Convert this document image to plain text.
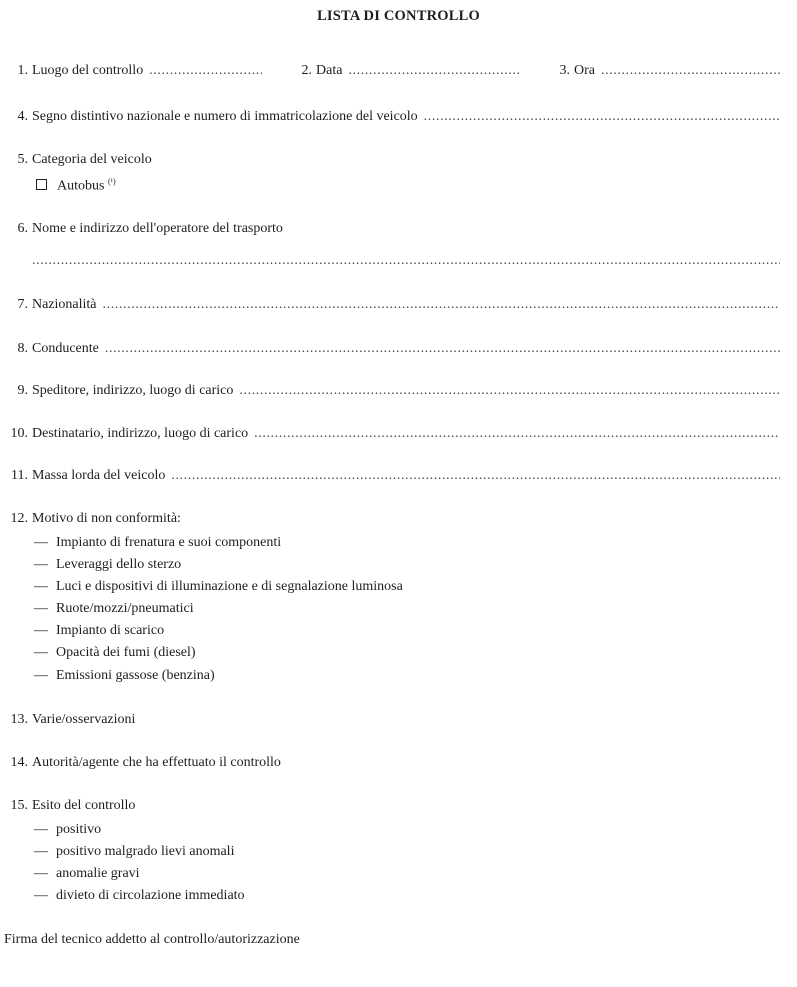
LISTA DI CONTROLLO
1. Luogo del controllo .....	2. Data .....	3. Ora
.....
4. Segno distintivo nazionale e numero di immatricolazione del veicolo
.....
5. Categoria del veicolo
Autobus $^{(^1)}$
6. Nome e indirizzo dell'operatore del trasporto
.....
7. Nazionalità
.....
8. Conducente
.....
9. Speditore, indirizzo, luogo di carico
.....
10. Destinatario, indirizzo, luogo di carico
.....
11. Massa lorda del veicolo
.....
12. Motivo di non conformità:
— Impianto di frenatura e suoi componenti
— Leveraggi dello sterzo
— Luci e dispositivi di illuminazione e di segnalazione luminosa
— Ruote/mozzi/pneumatici
— Impianto di scarico
— Opacità dei fumi (diesel)
— Emissioni gassose (benzina)
13. Varie/osservazioni
14. Autorità/agente che ha effettuato il controllo
15. Esito del controllo
— positivo
— positivo malgrado lievi anomali
— anomalie gravi
— divieto di circolazione immediato
Firma del tecnico addetto al controllo/autorizzazione
